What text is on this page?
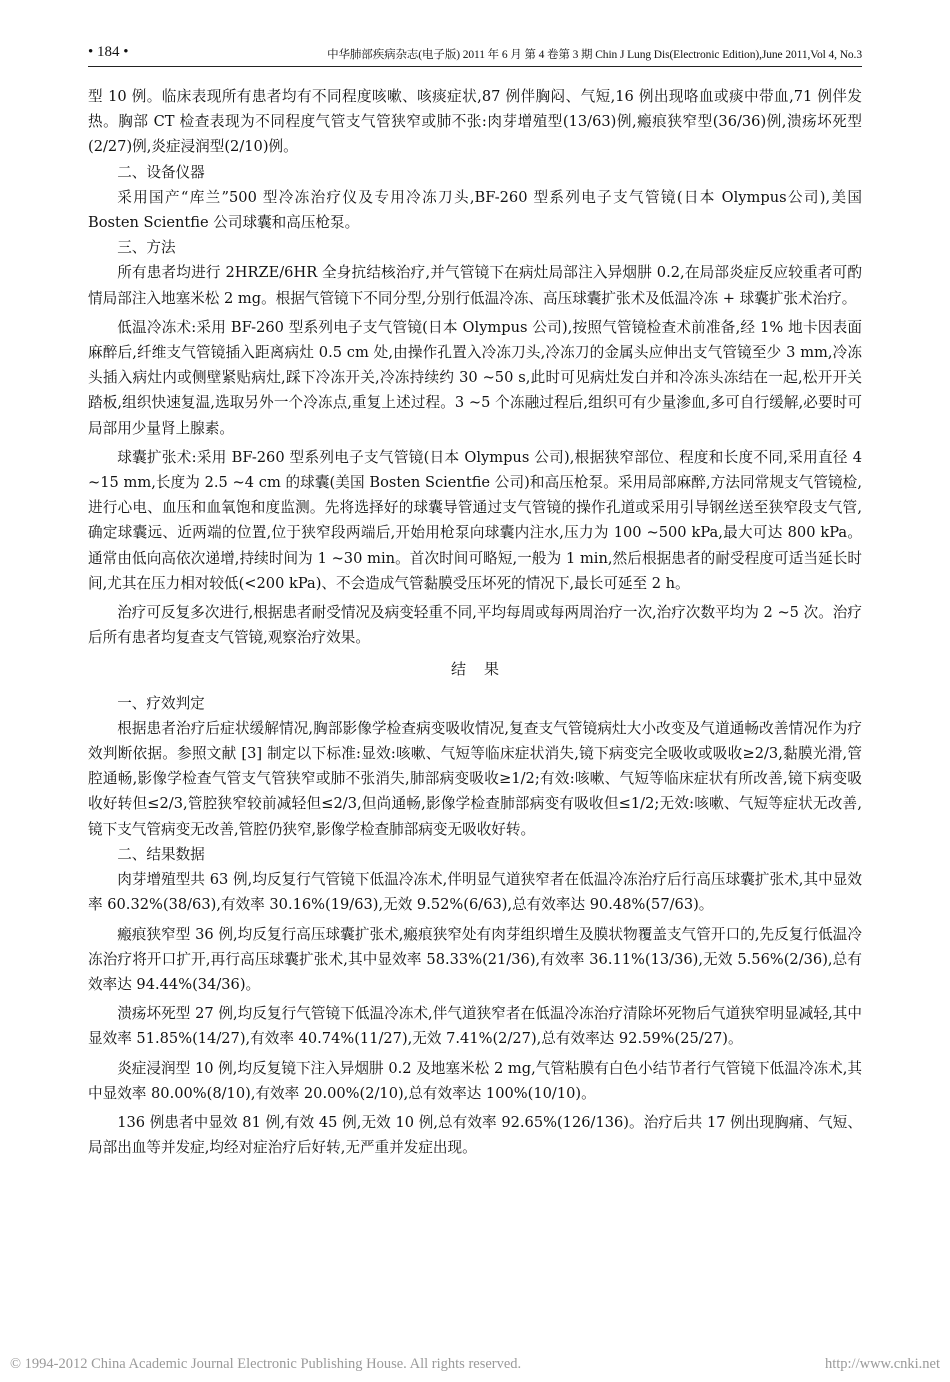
• 184 •	中华肺部疾病杂志(电子版) 2011 年 6 月 第 4 卷第 3 期 Chin J Lung Dis(Electronic Edition),June 2011,Vol 4, No.3

型 10 例。临床表现所有患者均有不同程度咳嗽、咳痰症状,87 例伴胸闷、气短,16 例出现咯血或痰中带血,71 例伴发热。胸部 CT 检查表现为不同程度气管支气管狭窄或肺不张:肉芽增殖型(13/63)例,瘢痕狭窄型(36/36)例,溃疡坏死型(2/27)例,炎症浸润型(2/10)例。

二、设备仪器

采用国产“库兰”500 型冷冻治疗仪及专用冷冻刀头,BF-260 型系列电子支气管镜(日本 Olympus公司),美国 Bosten Scientfie 公司球囊和高压枪泵。

三、方法

所有患者均进行 2HRZE/6HR 全身抗结核治疗,并气管镜下在病灶局部注入异烟肼 0.2,在局部炎症反应较重者可酌情局部注入地塞米松 2 mg。根据气管镜下不同分型,分别行低温冷冻、高压球囊扩张术及低温冷冻 + 球囊扩张术治疗。

低温冷冻术:采用 BF-260 型系列电子支气管镜(日本 Olympus 公司),按照气管镜检查术前准备,经 1% 地卡因表面麻醉后,纤维支气管镜插入距离病灶 0.5 cm 处,由操作孔置入冷冻刀头,冷冻刀的金属头应伸出支气管镜至少 3 mm,冷冻头插入病灶内或侧壁紧贴病灶,踩下冷冻开关,冷冻持续约 30 ~50 s,此时可见病灶发白并和冷冻头冻结在一起,松开开关踏板,组织快速复温,选取另外一个冷冻点,重复上述过程。3 ~5 个冻融过程后,组织可有少量渗血,多可自行缓解,必要时可局部用少量肾上腺素。

球囊扩张术:采用 BF-260 型系列电子支气管镜(日本 Olympus 公司),根据狭窄部位、程度和长度不同,采用直径 4 ~15 mm,长度为 2.5 ~4 cm 的球囊(美国 Bosten Scientfie 公司)和高压枪泵。采用局部麻醉,方法同常规支气管镜检,进行心电、血压和血氧饱和度监测。先将选择好的球囊导管通过支气管镜的操作孔道或采用引导钢丝送至狭窄段支气管,确定球囊远、近两端的位置,位于狭窄段两端后,开始用枪泵向球囊内注水,压力为 100 ~500 kPa,最大可达 800 kPa。通常由低向高依次递增,持续时间为 1 ~30 min。首次时间可略短,一般为 1 min,然后根据患者的耐受程度可适当延长时间,尤其在压力相对较低(<200 kPa)、不会造成气管黏膜受压坏死的情况下,最长可延至 2 h。

治疗可反复多次进行,根据患者耐受情况及病变轻重不同,平均每周或每两周治疗一次,治疗次数平均为 2 ~5 次。治疗后所有患者均复查支气管镜,观察治疗效果。

结果
一、疗效判定

根据患者治疗后症状缓解情况,胸部影像学检查病变吸收情况,复查支气管镜病灶大小改变及气道通畅改善情况作为疗效判断依据。参照文献 [3] 制定以下标准:显效:咳嗽、气短等临床症状消失,镜下病变完全吸收或吸收≥2/3,黏膜光滑,管腔通畅,影像学检查气管支气管狭窄或肺不张消失,肺部病变吸收≥1/2;有效:咳嗽、气短等临床症状有所改善,镜下病变吸收好转但≤2/3,管腔狭窄较前减轻但≤2/3,但尚通畅,影像学检查肺部病变有吸收但≤1/2;无效:咳嗽、气短等症状无改善,镜下支气管病变无改善,管腔仍狭窄,影像学检查肺部病变无吸收好转。

二、结果数据

肉芽增殖型共 63 例,均反复行气管镜下低温冷冻术,伴明显气道狭窄者在低温冷冻治疗后行高压球囊扩张术,其中显效率 60.32%(38/63),有效率 30.16%(19/63),无效 9.52%(6/63),总有效率达 90.48%(57/63)。

瘢痕狭窄型 36 例,均反复行高压球囊扩张术,瘢痕狭窄处有肉芽组织增生及膜状物覆盖支气管开口的,先反复行低温冷冻治疗将开口扩开,再行高压球囊扩张术,其中显效率 58.33%(21/36),有效率 36.11%(13/36),无效 5.56%(2/36),总有效率达 94.44%(34/36)。

溃疡坏死型 27 例,均反复行气管镜下低温冷冻术,伴气道狭窄者在低温冷冻治疗清除坏死物后气道狭窄明显减轻,其中显效率 51.85%(14/27),有效率 40.74%(11/27),无效 7.41%(2/27),总有效率达 92.59%(25/27)。

炎症浸润型 10 例,均反复镜下注入异烟肼 0.2 及地塞米松 2 mg,气管粘膜有白色小结节者行气管镜下低温冷冻术,其中显效率 80.00%(8/10),有效率 20.00%(2/10),总有效率达 100%(10/10)。

136 例患者中显效 81 例,有效 45 例,无效 10 例,总有效率 92.65%(126/136)。治疗后共 17 例出现胸痛、气短、局部出血等并发症,均经对症治疗后好转,无严重并发症出现。

© 1994-2012 China Academic Journal Electronic Publishing House. All rights reserved.	http://www.cnki.net
